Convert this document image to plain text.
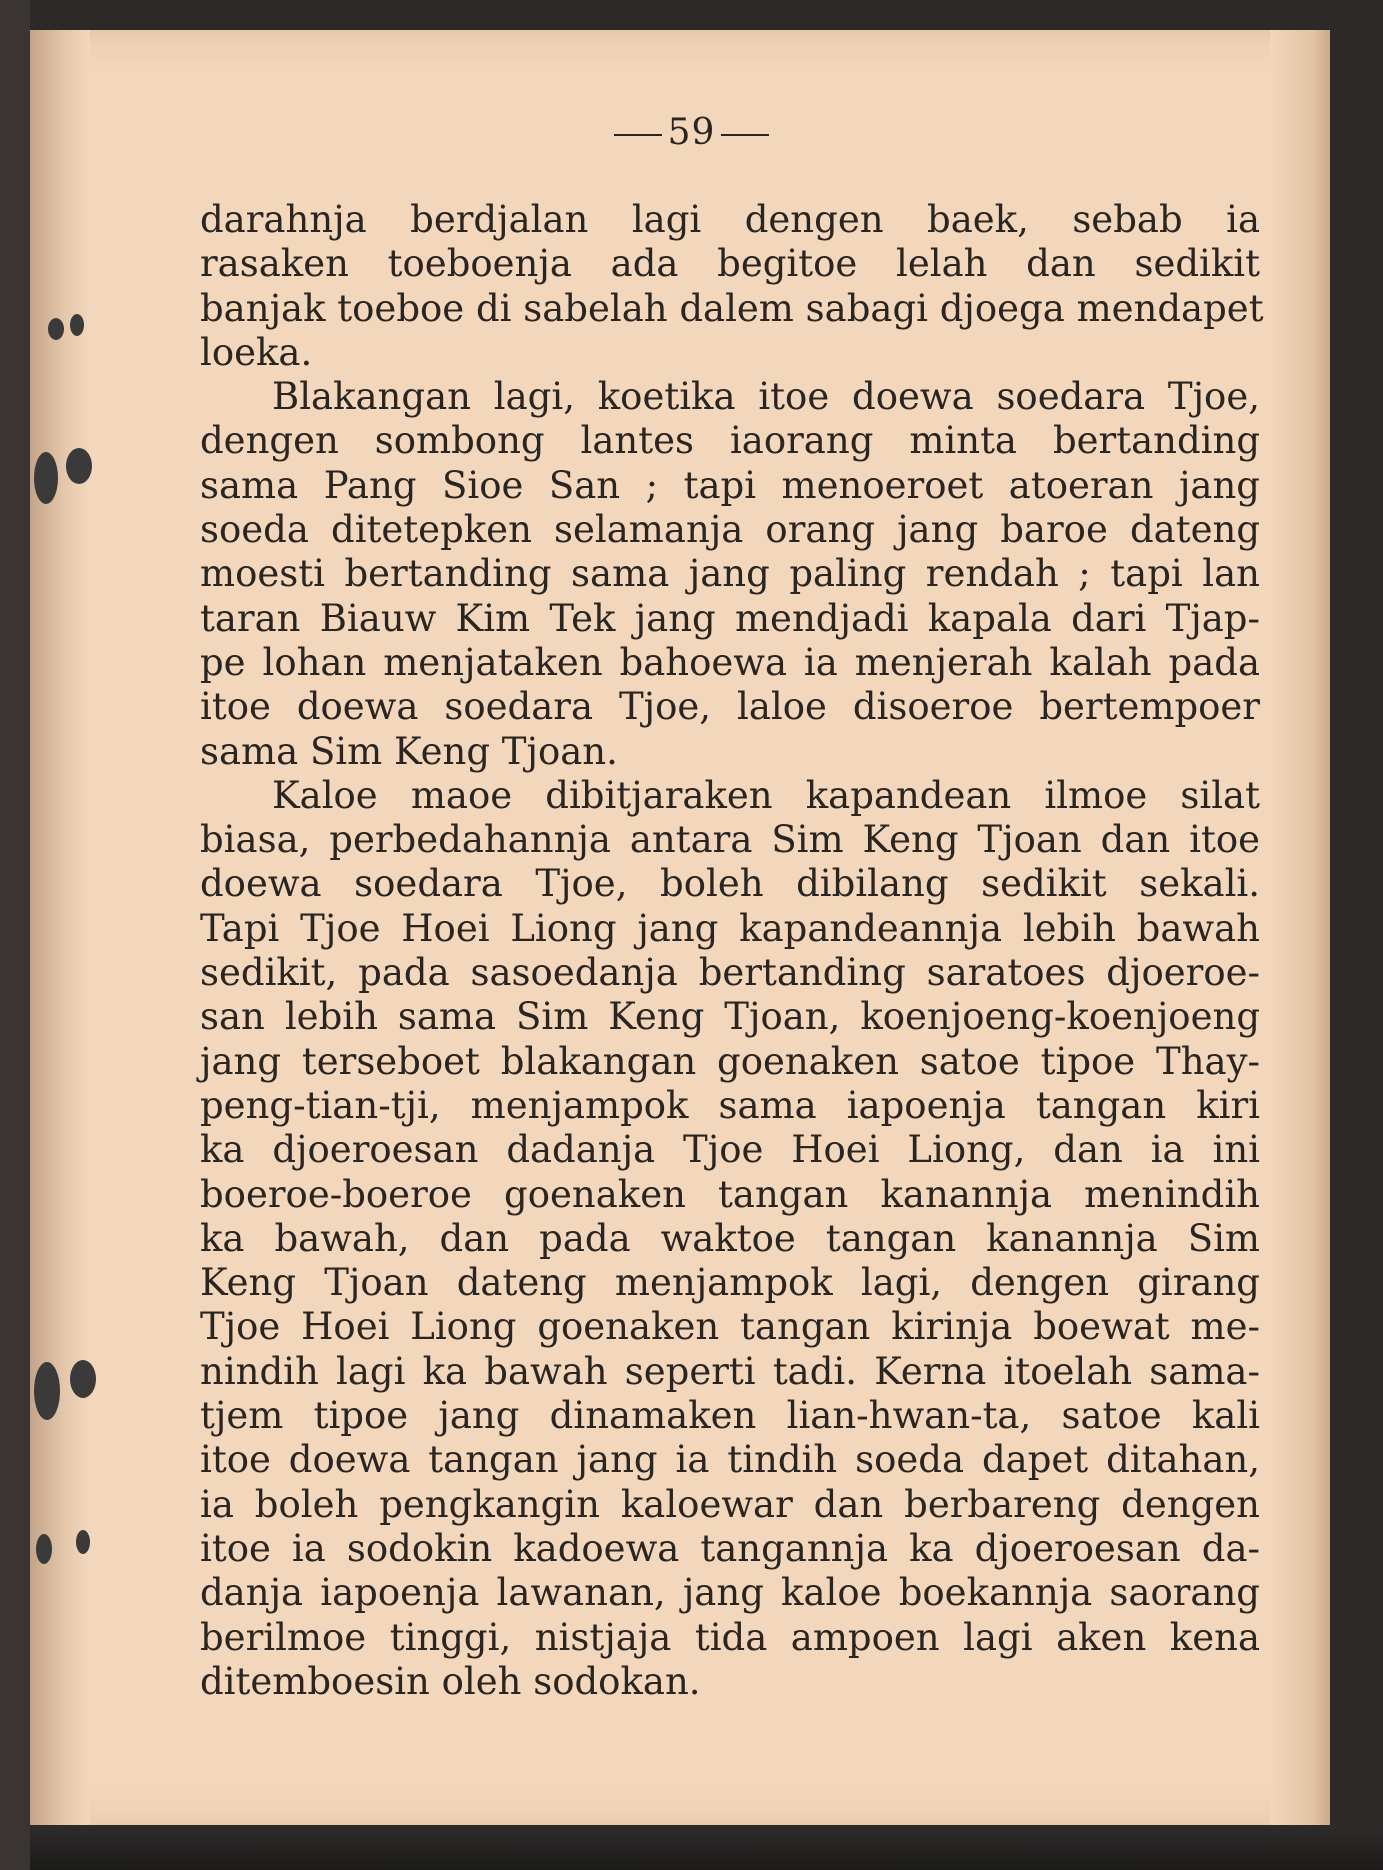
59
darahnja berdjalan lagi dengen baek, sebab ia
rasaken toeboenja ada begitoe lelah dan sedikit
banjak toeboe di sabelah dalem sabagi djoega mendapet
loeka.
Blakangan lagi, koetika itoe doewa soedara Tjoe,
dengen sombong lantes iaorang minta bertanding
sama Pang Sioe San ; tapi menoeroet atoeran jang
soeda ditetepken selamanja orang jang baroe dateng
moesti bertanding sama jang paling rendah ; tapi lan
taran Biauw Kim Tek jang mendjadi kapala dari Tjap-
pe lohan menjataken bahoewa ia menjerah kalah pada
itoe doewa soedara Tjoe, laloe disoeroe bertempoer
sama Sim Keng Tjoan.
Kaloe maoe dibitjaraken kapandean ilmoe silat
biasa, perbedahannja antara Sim Keng Tjoan dan itoe
doewa soedara Tjoe, boleh dibilang sedikit sekali.
Tapi Tjoe Hoei Liong jang kapandeannja lebih bawah
sedikit, pada sasoedanja bertanding saratoes djoeroe-
san lebih sama Sim Keng Tjoan, koenjoeng-koenjoeng
jang terseboet blakangan goenaken satoe tipoe Thay-
peng-tian-tji, menjampok sama iapoenja tangan kiri
ka djoeroesan dadanja Tjoe Hoei Liong, dan ia ini
boeroe-boeroe goenaken tangan kanannja menindih
ka bawah, dan pada waktoe tangan kanannja Sim
Keng Tjoan dateng menjampok lagi, dengen girang
Tjoe Hoei Liong goenaken tangan kirinja boewat me-
nindih lagi ka bawah seperti tadi. Kerna itoelah sama-
tjem tipoe jang dinamaken lian-hwan-ta, satoe kali
itoe doewa tangan jang ia tindih soeda dapet ditahan,
ia boleh pengkangin kaloewar dan berbareng dengen
itoe ia sodokin kadoewa tangannja ka djoeroesan da-
danja iapoenja lawanan, jang kaloe boekannja saorang
berilmoe tinggi, nistjaja tida ampoen lagi aken kena
ditemboesin oleh sodokan.
